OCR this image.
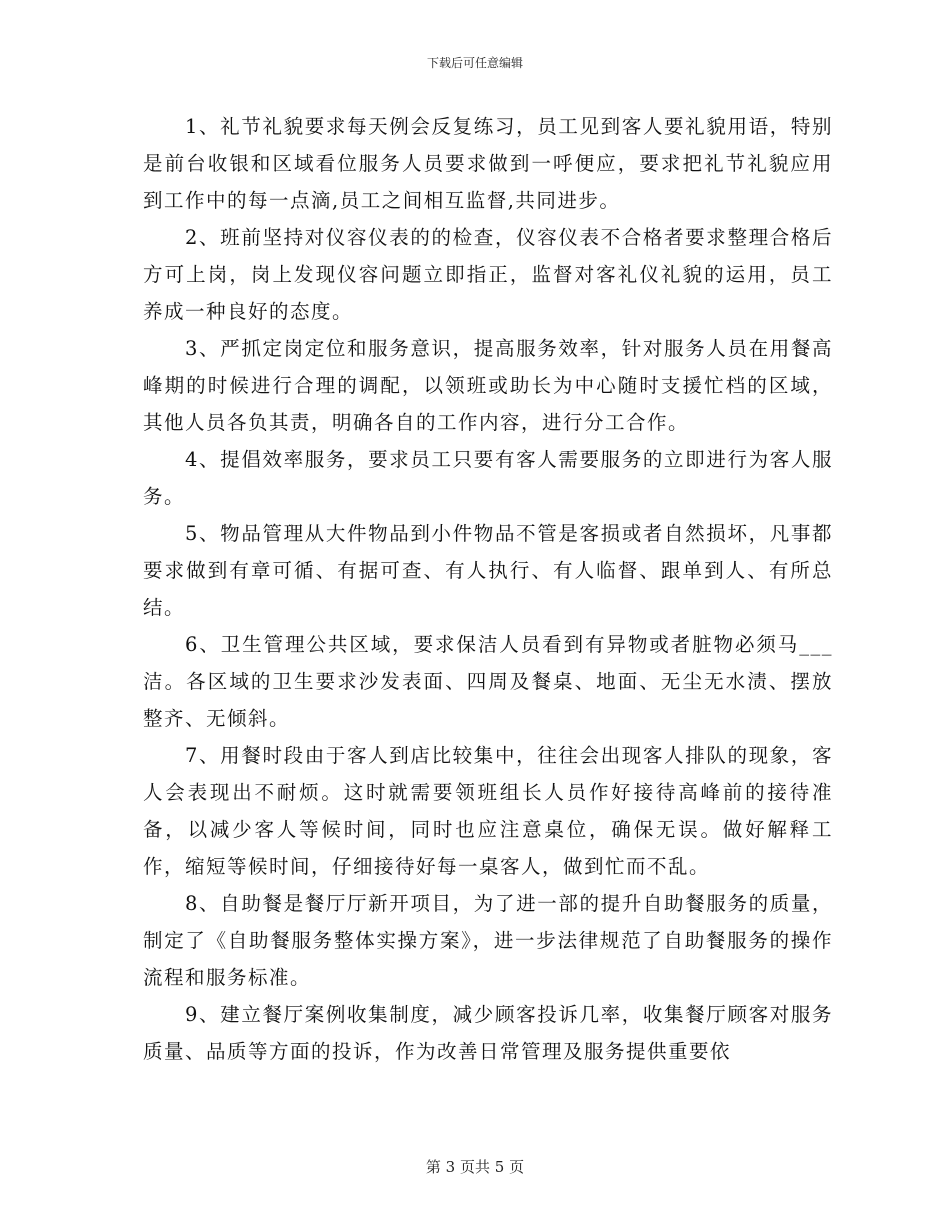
下载后可任意编辑

1、礼节礼貌要求每天例会反复练习，员工见到客人要礼貌用语，特别是前台收银和区域看位服务人员要求做到一呼便应，要求把礼节礼貌应用到工作中的每一点滴,员工之间相互监督,共同进步。

2、班前坚持对仪容仪表的的检查，仪容仪表不合格者要求整理合格后方可上岗，岗上发现仪容问题立即指正，监督对客礼仪礼貌的运用，员工养成一种良好的态度。

3、严抓定岗定位和服务意识，提高服务效率，针对服务人员在用餐高峰期的时候进行合理的调配，以领班或助长为中心随时支援忙档的区域，其他人员各负其责，明确各自的工作内容，进行分工合作。

4、提倡效率服务，要求员工只要有客人需要服务的立即进行为客人服务。

5、物品管理从大件物品到小件物品不管是客损或者自然损坏，凡事都要求做到有章可循、有据可查、有人执行、有人临督、跟单到人、有所总结。

6、卫生管理公共区域，要求保洁人员看到有异物或者脏物必须马___洁。各区域的卫生要求沙发表面、四周及餐桌、地面、无尘无水渍、摆放整齐、无倾斜。

7、用餐时段由于客人到店比较集中，往往会出现客人排队的现象，客人会表现出不耐烦。这时就需要领班组长人员作好接待高峰前的接待准备，以减少客人等候时间，同时也应注意桌位，确保无误。做好解释工作，缩短等候时间，仔细接待好每一桌客人，做到忙而不乱。

8、自助餐是餐厅厅新开项目，为了进一部的提升自助餐服务的质量，制定了《自助餐服务整体实操方案》，进一步法律规范了自助餐服务的操作流程和服务标准。

9、建立餐厅案例收集制度，减少顾客投诉几率，收集餐厅顾客对服务质量、品质等方面的投诉，作为改善日常管理及服务提供重要依

第 3 页共 5 页
